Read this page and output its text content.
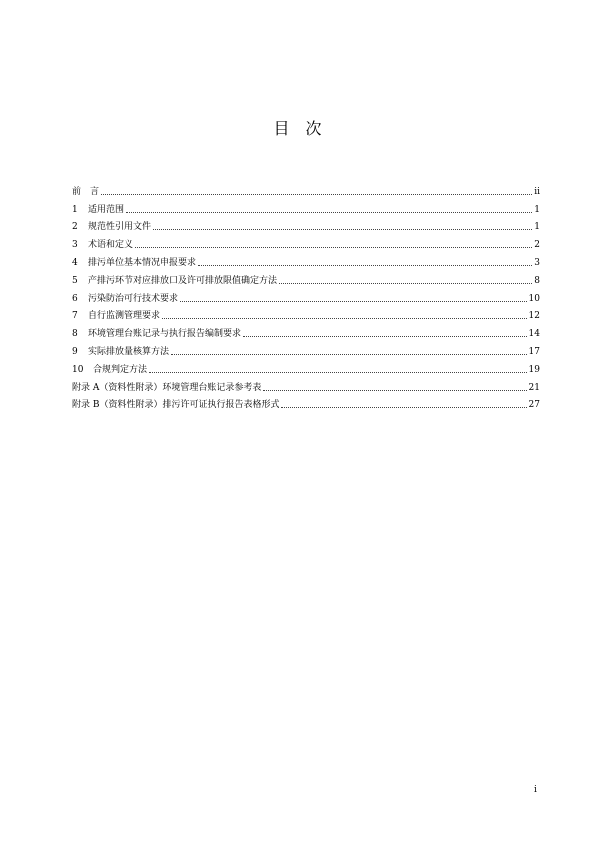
目　次
前　言	ii
1	适用范围	1
2	规范性引用文件	1
3	术语和定义	2
4	排污单位基本情况申报要求	3
5	产排污环节对应排放口及许可排放限值确定方法	8
6	污染防治可行技术要求	10
7	自行监测管理要求	12
8	环境管理台账记录与执行报告编制要求	14
9	实际排放量核算方法	17
10	合规判定方法	19
附录 A（资料性附录）环境管理台账记录参考表	21
附录 B（资料性附录）排污许可证执行报告表格形式	27
i
